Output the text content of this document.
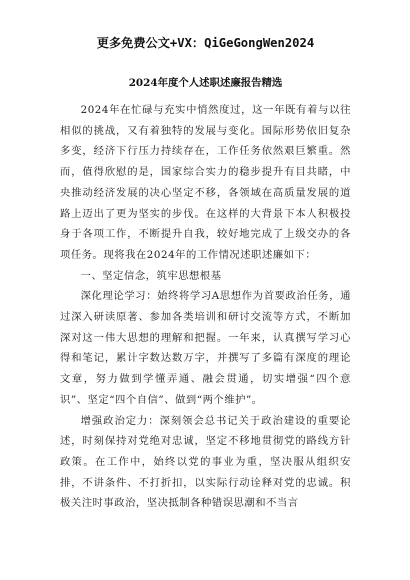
更多免费公文+VX：QiGeGongWen2024

2024年度个人述职述廉报告精选

2024年在忙碌与充实中悄然度过，这一年既有着与以往相似的挑战，又有着独特的发展与变化。国际形势依旧复杂多变，经济下行压力持续存在，工作任务依然艰巨繁重。然而，值得欣慰的是，国家综合实力的稳步提升有目共睹，中央推动经济发展的决心坚定不移，各领域在高质量发展的道路上迈出了更为坚实的步伐。在这样的大背景下本人积极投身于各项工作，不断提升自我，较好地完成了上级交办的各项任务。现将我在2024年的工作情况述职述廉如下：

一、坚定信念，筑牢思想根基

深化理论学习：始终将学习A思想作为首要政治任务，通过深入研读原著、参加各类培训和研讨交流等方式，不断加深对这一伟大思想的理解和把握。一年来，认真撰写学习心得和笔记，累计字数达数万字，并撰写了多篇有深度的理论文章，努力做到学懂弄通、融会贯通，切实增强“四个意识”、坚定“四个自信”、做到“两个维护”。

增强政治定力：深刻领会总书记关于政治建设的重要论述，时刻保持对党绝对忠诚，坚定不移地贯彻党的路线方针政策。在工作中，始终以党的事业为重，坚决服从组织安排，不讲条件、不打折扣，以实际行动诠释对党的忠诚。积极关注时事政治，坚决抵制各种错误思潮和不当言
